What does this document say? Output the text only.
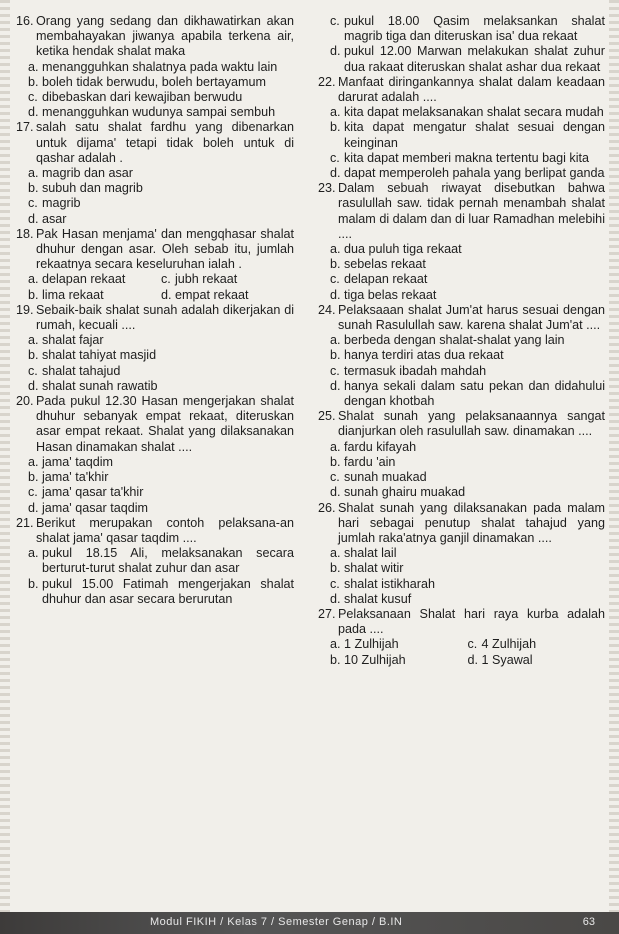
16. Orang yang sedang dan dikhawatirkan akan membahayakan jiwanya apabila terkena air, ketika hendak shalat maka
a. menangguhkan shalatnya pada waktu lain
b. boleh tidak berwudu, boleh bertayamum
c. dibebaskan dari kewajiban berwudu
d. menangguhkan wudunya sampai sembuh
17. salah satu shalat fardhu yang dibenarkan untuk dijama' tetapi tidak boleh untuk di qashar adalah .
a. magrib dan asar
b. subuh dan magrib
c. magrib
d. asar
18. Pak Hasan menjama' dan mengqhasar shalat dhuhur dengan asar. Oleh sebab itu, jumlah rekaatnya secara keseluruhan ialah .
a. delapan rekaat	c. jubh rekaat
b. lima rekaat	d. empat rekaat
19. Sebaik-baik shalat sunah adalah dikerjakan di rumah, kecuali ....
a. shalat fajar
b. shalat tahiyat masjid
c. shalat tahajud
d. shalat sunah rawatib
20. Pada pukul 12.30 Hasan mengerjakan shalat dhuhur sebanyak empat rekaat, diteruskan asar empat rekaat. Shalat yang dilaksanakan Hasan dinamakan shalat ....
a. jama' taqdim
b. jama' ta'khir
c. jama' qasar ta'khir
d. jama' qasar taqdim
21. Berikut merupakan contoh pelaksana-an shalat jama' qasar taqdim ....
a. pukul 18.15 Ali, melaksanakan secara berturut-turut shalat zuhur dan asar
b. pukul 15.00 Fatimah mengerjakan shalat dhuhur dan asar secara berurutan
c. pukul 18.00 Qasim melaksankan shalat magrib tiga dan diteruskan isa' dua rekaat
d. pukul 12.00 Marwan melakukan shalat zuhur dua rakaat diteruskan shalat ashar dua rekaat
22. Manfaat diringankannya shalat dalam keadaan darurat adalah ....
a. kita dapat melaksanakan shalat secara mudah
b. kita dapat mengatur shalat sesuai dengan keinginan
c. kita dapat memberi makna tertentu bagi kita
d. dapat memperoleh pahala yang berlipat ganda
23. Dalam sebuah riwayat disebutkan bahwa rasulullah saw. tidak pernah menambah shalat malam di dalam dan di luar Ramadhan melebihi ....
a. dua puluh tiga rekaat
b. sebelas rekaat
c. delapan rekaat
d. tiga belas rekaat
24. Pelaksaaan shalat Jum'at harus sesuai dengan sunah Rasulullah saw. karena shalat Jum'at ....
a. berbeda dengan shalat-shalat yang lain
b. hanya terdiri atas dua rekaat
c. termasuk ibadah mahdah
d. hanya sekali dalam satu pekan dan didahului dengan khotbah
25. Shalat sunah yang pelaksanaannya sangat dianjurkan oleh rasulullah saw. dinamakan ....
a. fardu kifayah
b. fardu 'ain
c. sunah muakad
d. sunah ghairu muakad
26. Shalat sunah yang dilaksanakan pada malam hari sebagai penutup shalat tahajud yang jumlah raka'atnya ganjil dinamakan ....
a. shalat lail
b. shalat witir
c. shalat istikharah
d. shalat kusuf
27. Pelaksanaan Shalat hari raya kurba adalah pada ....
a. 1 Zulhijah	c. 4 Zulhijah
b. 10 Zulhijah	d. 1 Syawal
Modul FIKIH / Kelas 7 / Semester Genap / B.IN	63
